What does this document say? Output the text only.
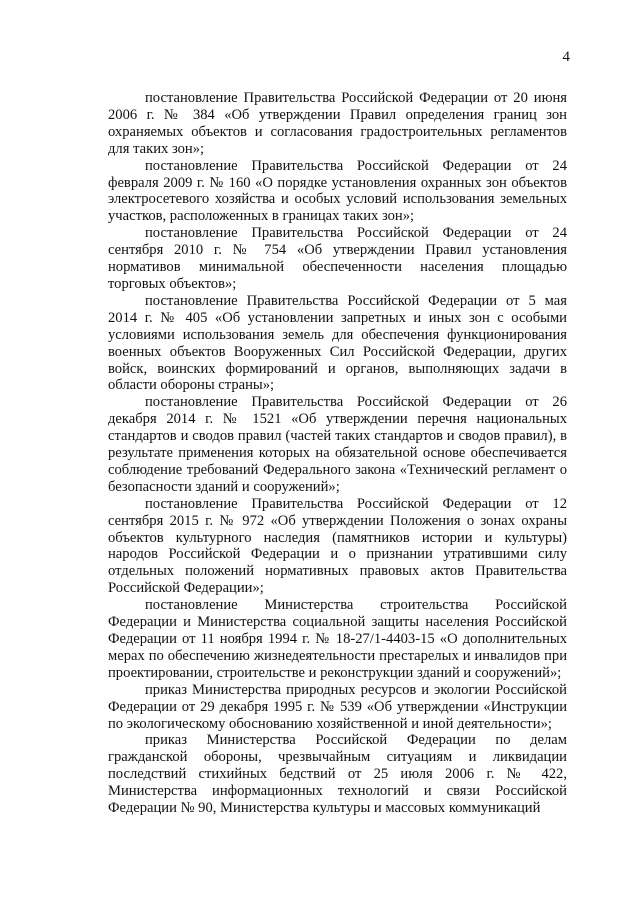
4

постановление Правительства Российской Федерации от 20 июня 2006 г. № 384 «Об утверждении Правил определения границ зон охраняемых объектов и согласования градостроительных регламентов для таких зон»;

постановление Правительства Российской Федерации от 24 февраля 2009 г. № 160 «О порядке установления охранных зон объектов электросетевого хозяйства и особых условий использования земельных участков, расположенных в границах таких зон»;

постановление Правительства Российской Федерации от 24 сентября 2010 г. № 754 «Об утверждении Правил установления нормативов минимальной обеспеченности населения площадью торговых объектов»;

постановление Правительства Российской Федерации от 5 мая 2014 г. № 405 «Об установлении запретных и иных зон с особыми условиями использования земель для обеспечения функционирования военных объектов Вооруженных Сил Российской Федерации, других войск, воинских формирований и органов, выполняющих задачи в области обороны страны»;

постановление Правительства Российской Федерации от 26 декабря 2014 г. № 1521 «Об утверждении перечня национальных стандартов и сводов правил (частей таких стандартов и сводов правил), в результате применения которых на обязательной основе обеспечивается соблюдение требований Федерального закона «Технический регламент о безопасности зданий и сооружений»;

постановление Правительства Российской Федерации от 12 сентября 2015 г. № 972 «Об утверждении Положения о зонах охраны объектов культурного наследия (памятников истории и культуры) народов Российской Федерации и о признании утратившими силу отдельных положений нормативных правовых актов Правительства Российской Федерации»;

постановление Министерства строительства Российской Федерации и Министерства социальной защиты населения Российской Федерации от 11 ноября 1994 г. № 18-27/1-4403-15 «О дополнительных мерах по обеспечению жизнедеятельности престарелых и инвалидов при проектировании, строительстве и реконструкции зданий и сооружений»;

приказ Министерства природных ресурсов и экологии Российской Федерации от 29 декабря 1995 г. № 539 «Об утверждении «Инструкции по экологическому обоснованию хозяйственной и иной деятельности»;

приказ Министерства Российской Федерации по делам гражданской обороны, чрезвычайным ситуациям и ликвидации последствий стихийных бедствий от 25 июля 2006 г. № 422, Министерства информационных технологий и связи Российской Федерации № 90, Министерства культуры и массовых коммуникаций
